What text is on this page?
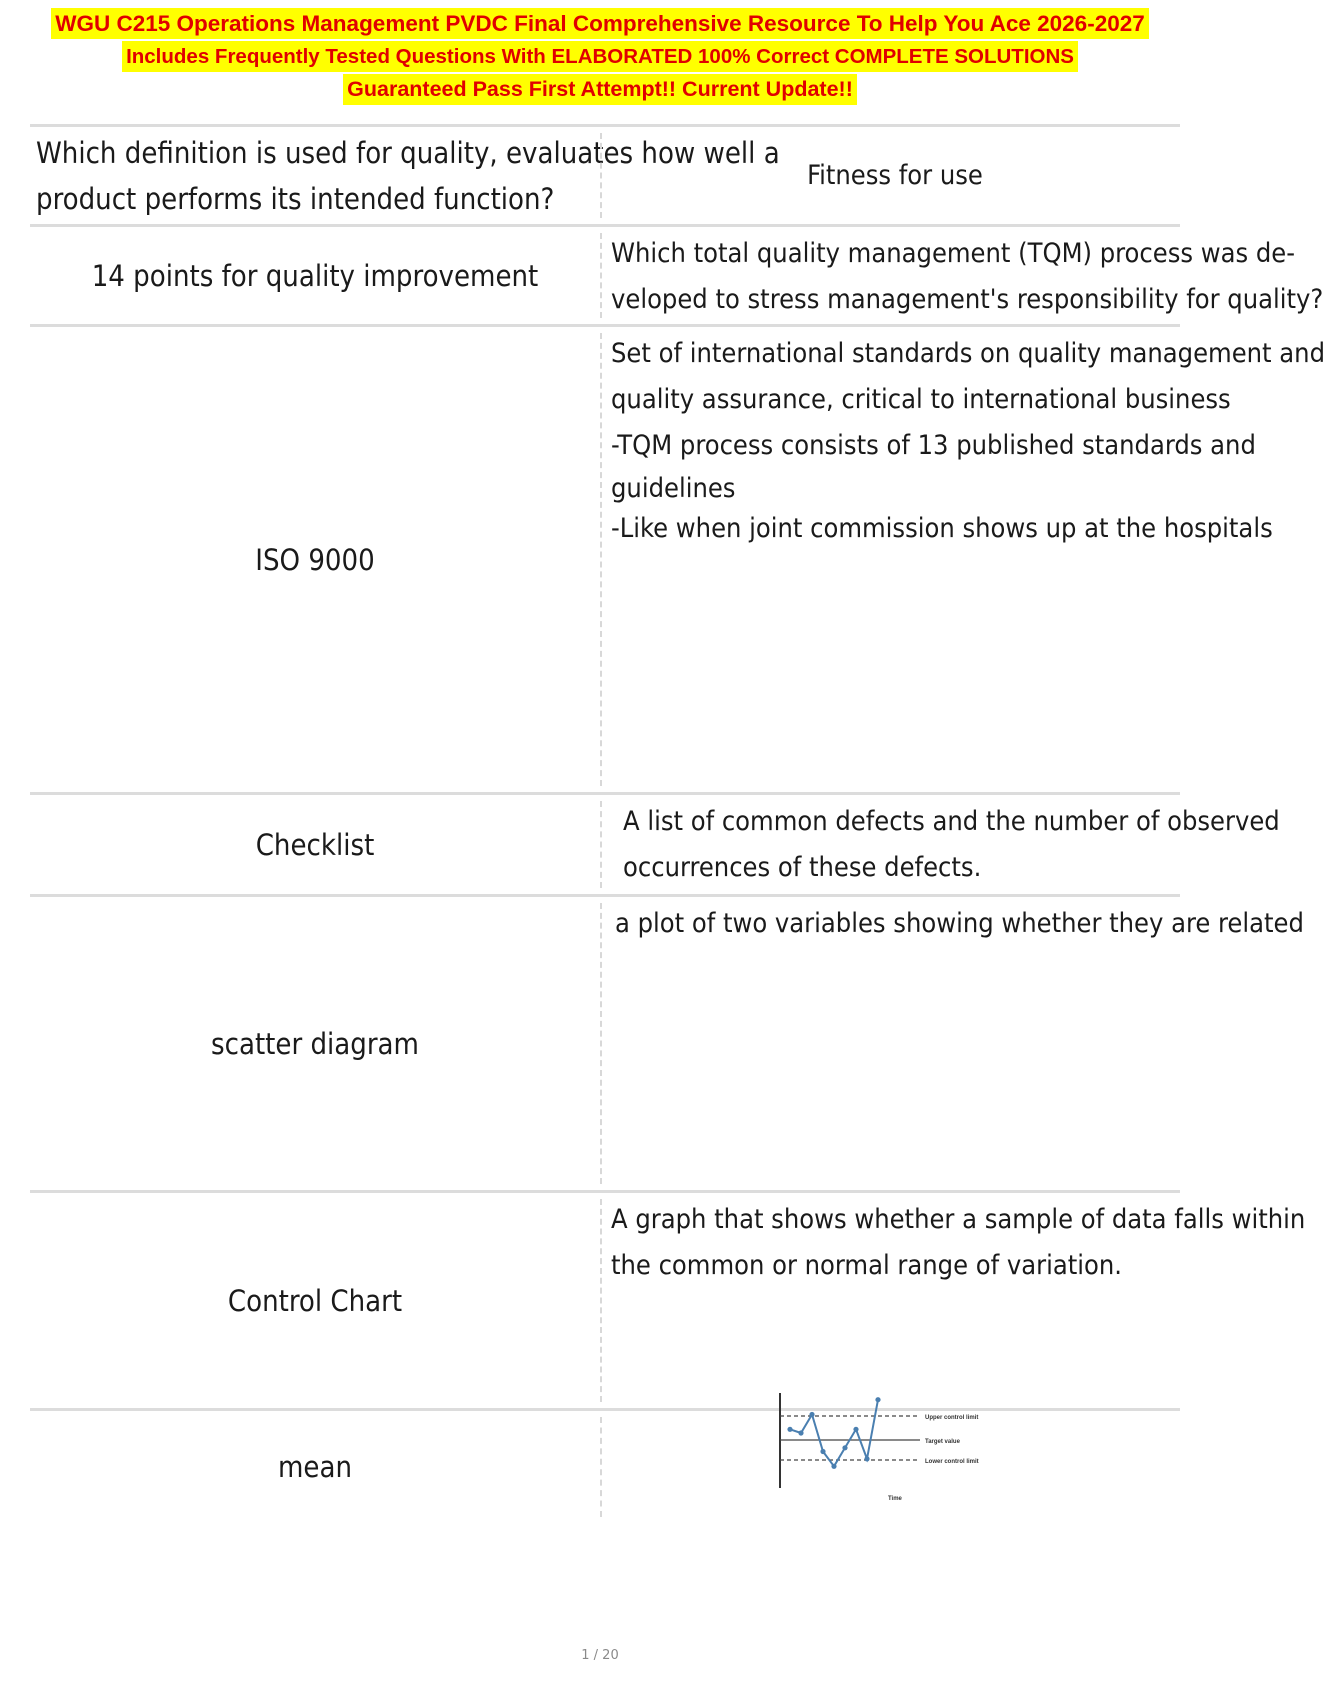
WGU C215 Operations Management PVDC Final Comprehensive Resource To Help You Ace 2026-2027
Includes Frequently Tested Questions With ELABORATED 100% Correct COMPLETE SOLUTIONS
Guaranteed Pass First Attempt!! Current Update!!
Which definition is used for quality, evaluates how well a
product performs its intended function?
Fitness for use
14 points for quality improvement
Which total quality management (TQM) process was de-
veloped to stress management's responsibility for quality?
ISO 9000
Set of international standards on quality management and
quality assurance, critical to international business
-TQM process consists of 13 published standards and
guidelines
-Like when joint commission shows up at the hospitals
Checklist
A list of common defects and the number of observed
occurrences of these defects.
scatter diagram
a plot of two variables showing whether they are related
Control Chart
A graph that shows whether a sample of data falls within
the common or normal range of variation.
mean
Upper control limit
Target value
Lower control limit
Time
1 / 20
